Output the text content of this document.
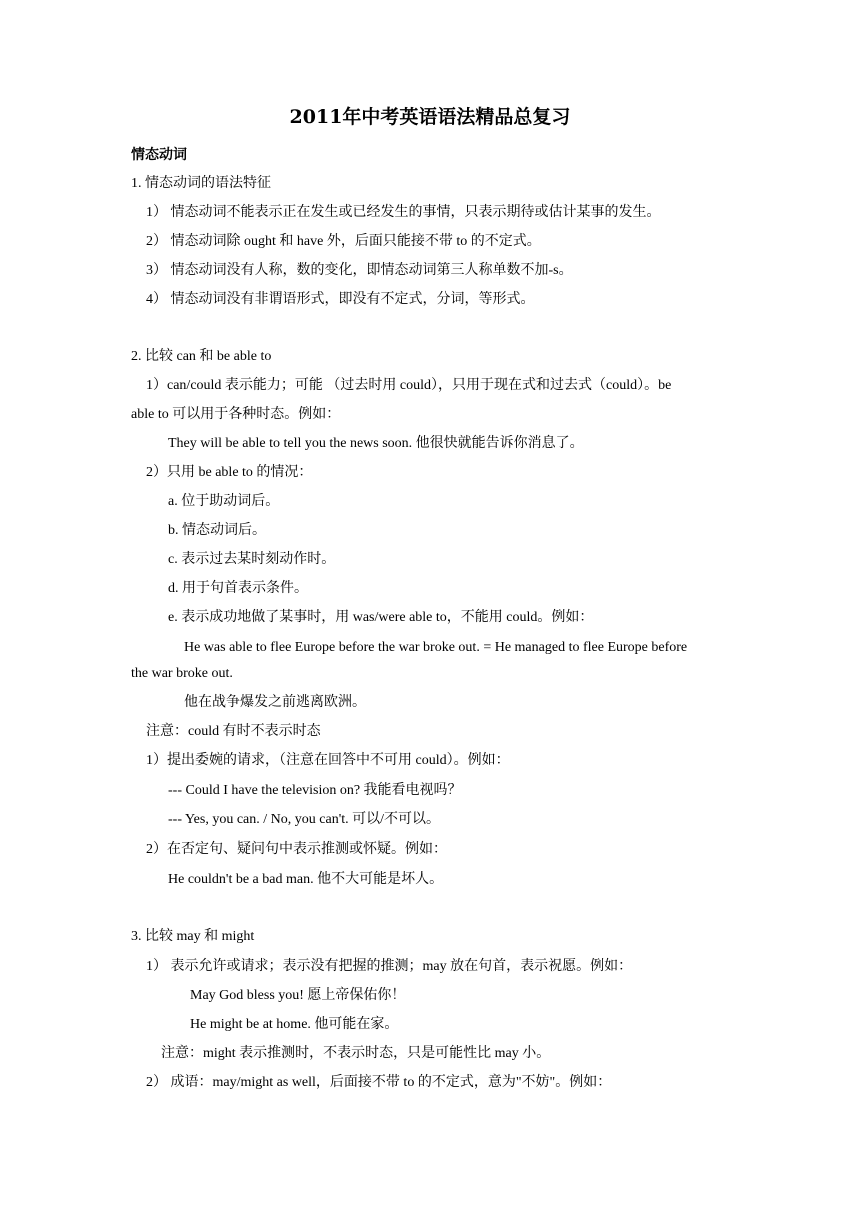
2011年中考英语语法精品总复习
情态动词
1. 情态动词的语法特征
1） 情态动词不能表示正在发生或已经发生的事情，只表示期待或估计某事的发生。
2） 情态动词除 ought 和 have 外，后面只能接不带 to 的不定式。
3） 情态动词没有人称，数的变化，即情态动词第三人称单数不加-s。
4） 情态动词没有非谓语形式，即没有不定式，分词，等形式。
2. 比较 can 和 be able to
1）can/could 表示能力；可能 （过去时用 could），只用于现在式和过去式（could）。be
able to 可以用于各种时态。例如：
They will be able to tell you the news soon. 他很快就能告诉你消息了。
2）只用 be able to 的情况：
a. 位于助动词后。
b. 情态动词后。
c. 表示过去某时刻动作时。
d. 用于句首表示条件。
e. 表示成功地做了某事时，用 was/were able to，不能用 could。例如：
He was able to flee Europe before the war broke out. = He managed to flee Europe before
the war broke out.
他在战争爆发之前逃离欧洲。
注意：could 有时不表示时态
1）提出委婉的请求，（注意在回答中不可用 could）。例如：
--- Could I have the television on? 我能看电视吗？
--- Yes, you can. / No, you can't. 可以/不可以。
2）在否定句、疑问句中表示推测或怀疑。例如：
He couldn't be a bad man. 他不大可能是坏人。
3. 比较 may 和 might
1） 表示允许或请求；表示没有把握的推测；may 放在句首，表示祝愿。例如：
May God bless you! 愿上帝保佑你！
He might be at home. 他可能在家。
注意：might 表示推测时，不表示时态，只是可能性比 may 小。
2） 成语：may/might as well，后面接不带 to 的不定式，意为"不妨"。例如：
